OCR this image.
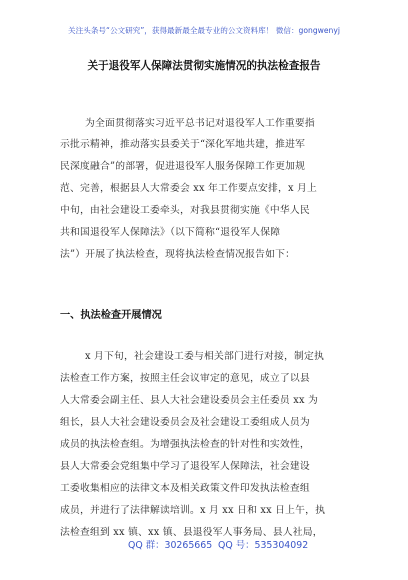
关注头条号“公文研究”，获得最新最全最专业的公文资料库！ 微信：gongwenyj
关于退役军人保障法贯彻实施情况的执法检查报告
为全面贯彻落实习近平总书记对退役军人工作重要指
示批示精神，推动落实县委关于“深化军地共建，推进军
民深度融合”的部署，促进退役军人服务保障工作更加规
范、完善，根据县人大常委会 xx 年工作要点安排，x 月上
中旬，由社会建设工委牵头，对我县贯彻实施《中华人民
共和国退役军人保障法》（以下简称“退役军人保障
法”）开展了执法检查，现将执法检查情况报告如下：
一、执法检查开展情况
x 月下旬，社会建设工委与相关部门进行对接，制定执
法检查工作方案，按照主任会议审定的意见，成立了以县
人大常委会副主任、县人大社会建设委员会主任委员 xx 为
组长，县人大社会建设委员会及社会建设工委组成人员为
成员的执法检查组。为增强执法检查的针对性和实效性，
县人大常委会党组集中学习了退役军人保障法，社会建设
工委收集相应的法律文本及相关政策文件印发执法检查组
成员，并进行了法律解读培训。x 月 xx 日和 xx 日上午，执
法检查组到 xx 镇、xx 镇、县退役军人事务局、县人社局，
QQ 群：30265665 QQ 号：535304092
